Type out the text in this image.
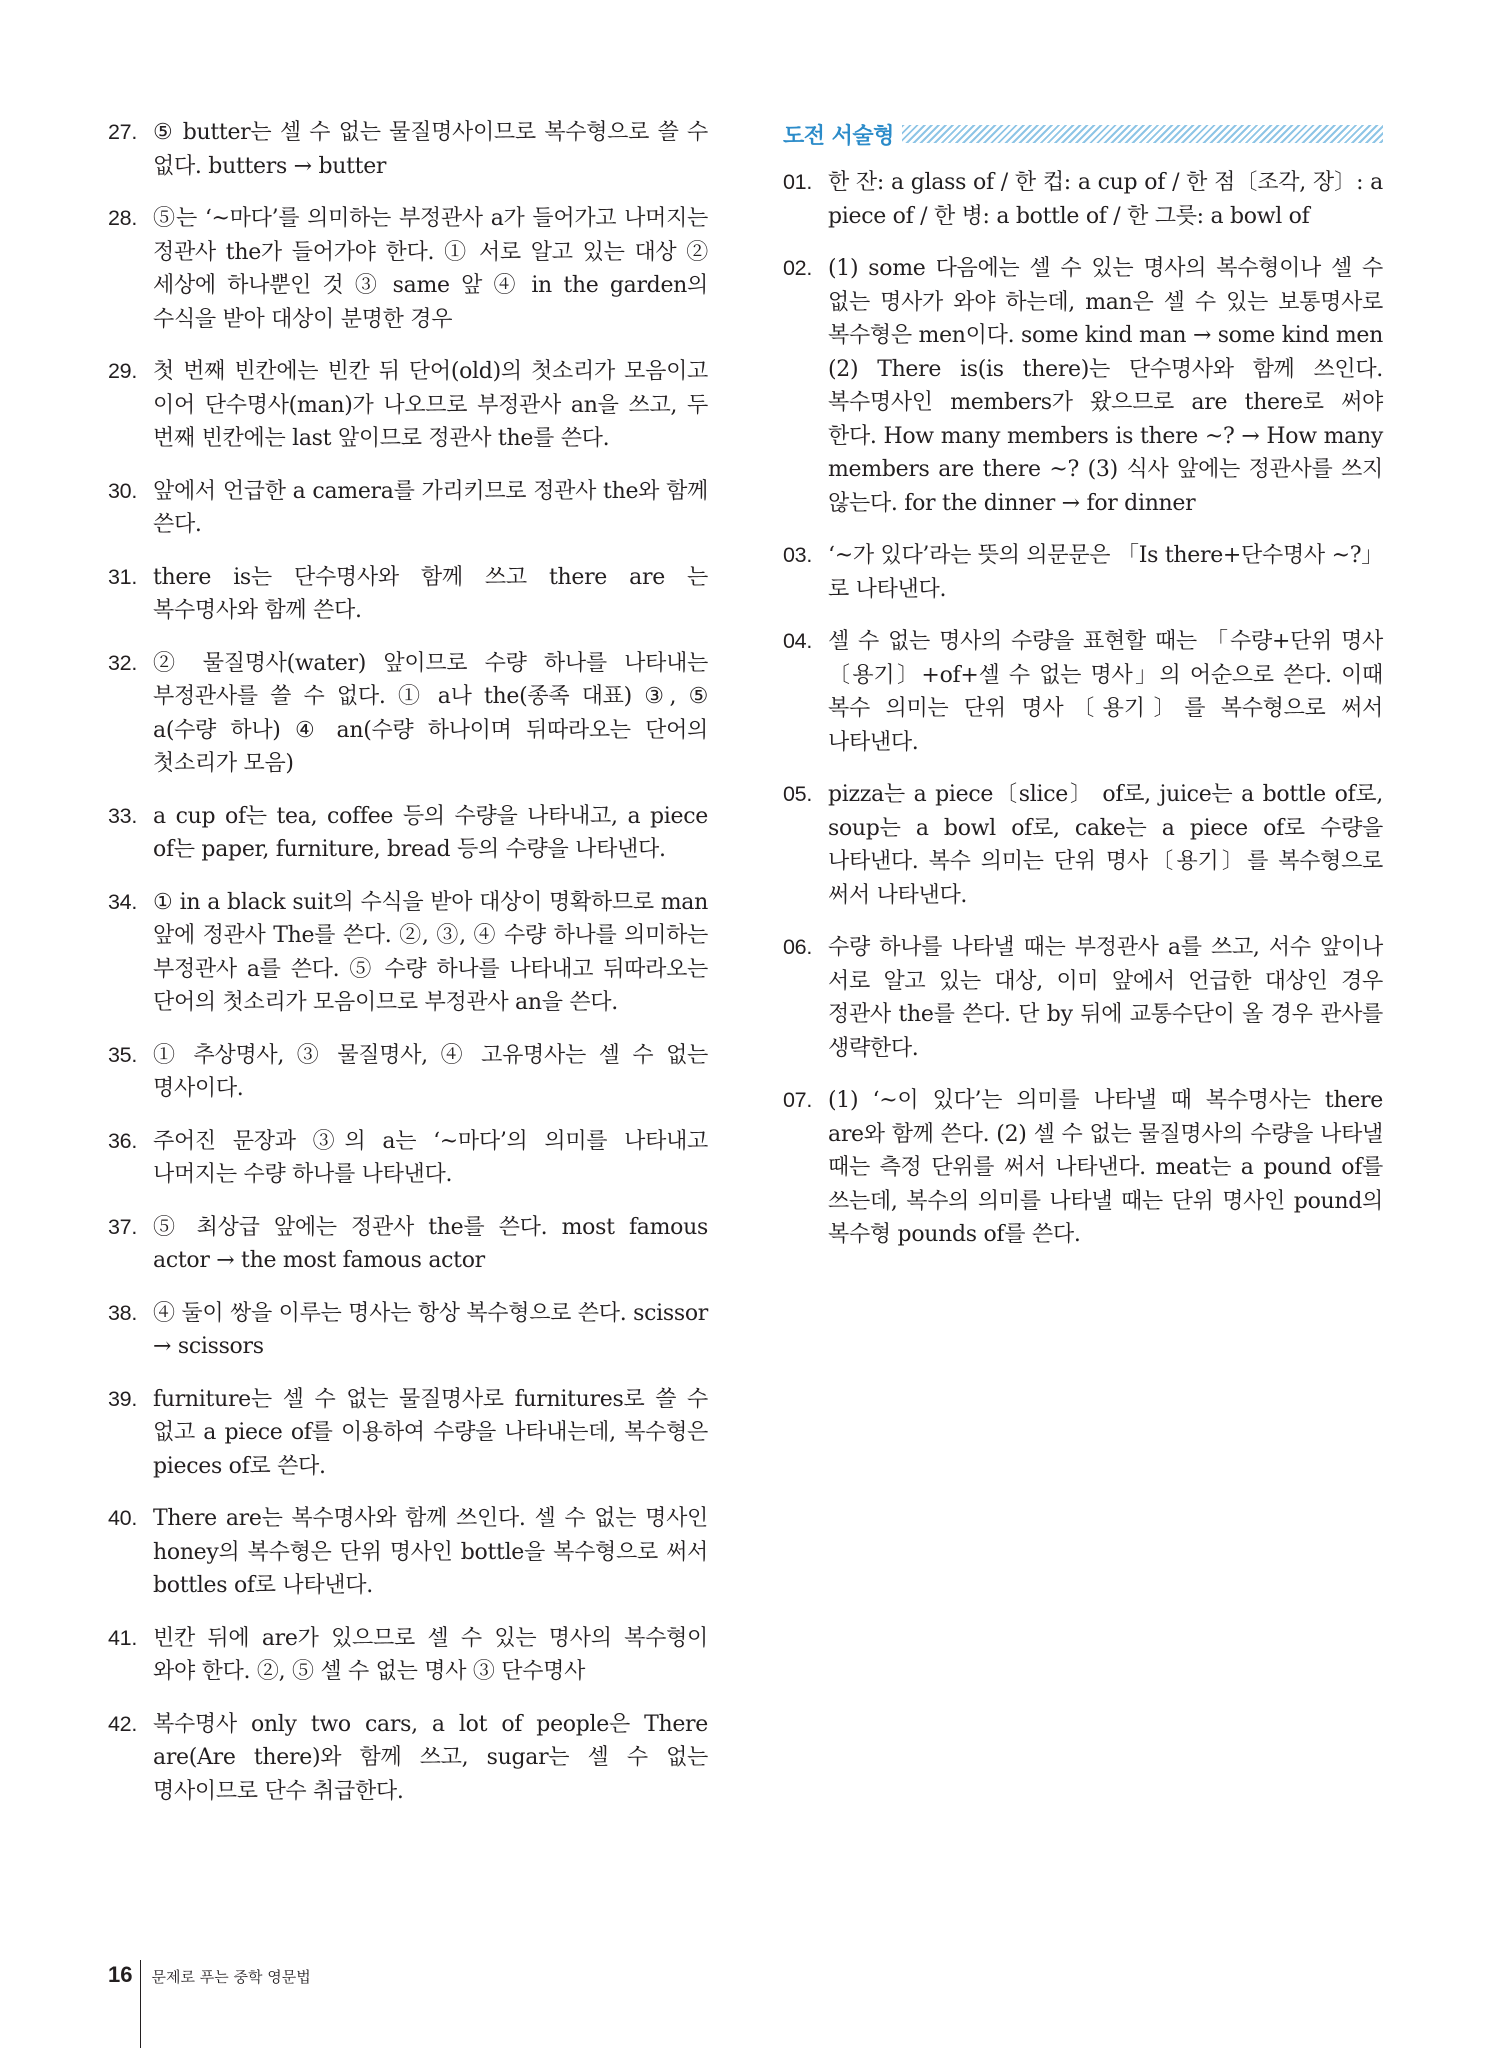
27. ⑤ butter는 셀 수 없는 물질명사이므로 복수형으로 쓸 수 없다. butters → butter
28. ⑤는 ‘~마다’를 의미하는 부정관사 a가 들어가고 나머지는 정관사 the가 들어가야 한다. ① 서로 알고 있는 대상 ② 세상에 하나뿐인 것 ③ same 앞 ④ in the garden의 수식을 받아 대상이 분명한 경우
29. 첫 번째 빈칸에는 빈칸 뒤 단어(old)의 첫소리가 모음이고 이어 단수명사(man)가 나오므로 부정관사 an을 쓰고, 두 번째 빈칸에는 last 앞이므로 정관사 the를 쓴다.
30. 앞에서 언급한 a camera를 가리키므로 정관사 the와 함께 쓴다.
31. there is는 단수명사와 함께 쓰고 there are 는 복수명사와 함께 쓴다.
32. ② 물질명사(water) 앞이므로 수량 하나를 나타내는 부정관사를 쓸 수 없다. ① a나 the(종족 대표) ③, ⑤ a(수량 하나) ④ an(수량 하나이며 뒤따라오는 단어의 첫소리가 모음)
33. a cup of는 tea, coffee 등의 수량을 나타내고, a piece of는 paper, furniture, bread 등의 수량을 나타낸다.
34. ① in a black suit의 수식을 받아 대상이 명확하므로 man 앞에 정관사 The를 쓴다. ②, ③, ④ 수량 하나를 의미하는 부정관사 a를 쓴다. ⑤ 수량 하나를 나타내고 뒤따라오는 단어의 첫소리가 모음이므로 부정관사 an을 쓴다.
35. ① 추상명사, ③ 물질명사, ④ 고유명사는 셀 수 없는 명사이다.
36. 주어진 문장과 ③의 a는 ‘~마다’의 의미를 나타내고 나머지는 수량 하나를 나타낸다.
37. ⑤ 최상급 앞에는 정관사 the를 쓴다. most famous actor → the most famous actor
38. ④ 둘이 쌍을 이루는 명사는 항상 복수형으로 쓴다. scissor → scissors
39. furniture는 셀 수 없는 물질명사로 furnitures로 쓸 수 없고 a piece of를 이용하여 수량을 나타내는데, 복수형은 pieces of로 쓴다.
40. There are는 복수명사와 함께 쓰인다. 셀 수 없는 명사인 honey의 복수형은 단위 명사인 bottle을 복수형으로 써서 bottles of로 나타낸다.
41. 빈칸 뒤에 are가 있으므로 셀 수 있는 명사의 복수형이 와야 한다. ②, ⑤ 셀 수 없는 명사 ③ 단수명사
42. 복수명사 only two cars, a lot of people은 There are(Are there)와 함께 쓰고, sugar는 셀 수 없는 명사이므로 단수 취급한다.
도전 서술형
01. 한 잔: a glass of / 한 컵: a cup of / 한 점〔조각, 장〕: a piece of / 한 병: a bottle of / 한 그릇: a bowl of
02. (1) some 다음에는 셀 수 있는 명사의 복수형이나 셀 수 없는 명사가 와야 하는데, man은 셀 수 있는 보통명사로 복수형은 men이다. some kind man → some kind men (2) There is(is there)는 단수명사와 함께 쓰인다. 복수명사인 members가 왔으므로 are there로 써야 한다. How many members is there ~? → How many members are there ~? (3) 식사 앞에는 정관사를 쓰지 않는다. for the dinner → for dinner
03. ‘~가 있다’라는 뜻의 의문문은 「Is there+단수명사 ~?」로 나타낸다.
04. 셀 수 없는 명사의 수량을 표현할 때는 「수량+단위 명사〔용기〕+of+셀 수 없는 명사」의 어순으로 쓴다. 이때 복수 의미는 단위 명사〔용기〕를 복수형으로 써서 나타낸다.
05. pizza는 a piece〔slice〕 of로, juice는 a bottle of로, soup는 a bowl of로, cake는 a piece of로 수량을 나타낸다. 복수 의미는 단위 명사〔용기〕를 복수형으로 써서 나타낸다.
06. 수량 하나를 나타낼 때는 부정관사 a를 쓰고, 서수 앞이나 서로 알고 있는 대상, 이미 앞에서 언급한 대상인 경우 정관사 the를 쓴다. 단 by 뒤에 교통수단이 올 경우 관사를 생략한다.
07. (1) ‘~이 있다’는 의미를 나타낼 때 복수명사는 there are와 함께 쓴다. (2) 셀 수 없는 물질명사의 수량을 나타낼 때는 측정 단위를 써서 나타낸다. meat는 a pound of를 쓰는데, 복수의 의미를 나타낼 때는 단위 명사인 pound의 복수형 pounds of를 쓴다.
16 문제로 푸는 중학 영문법
